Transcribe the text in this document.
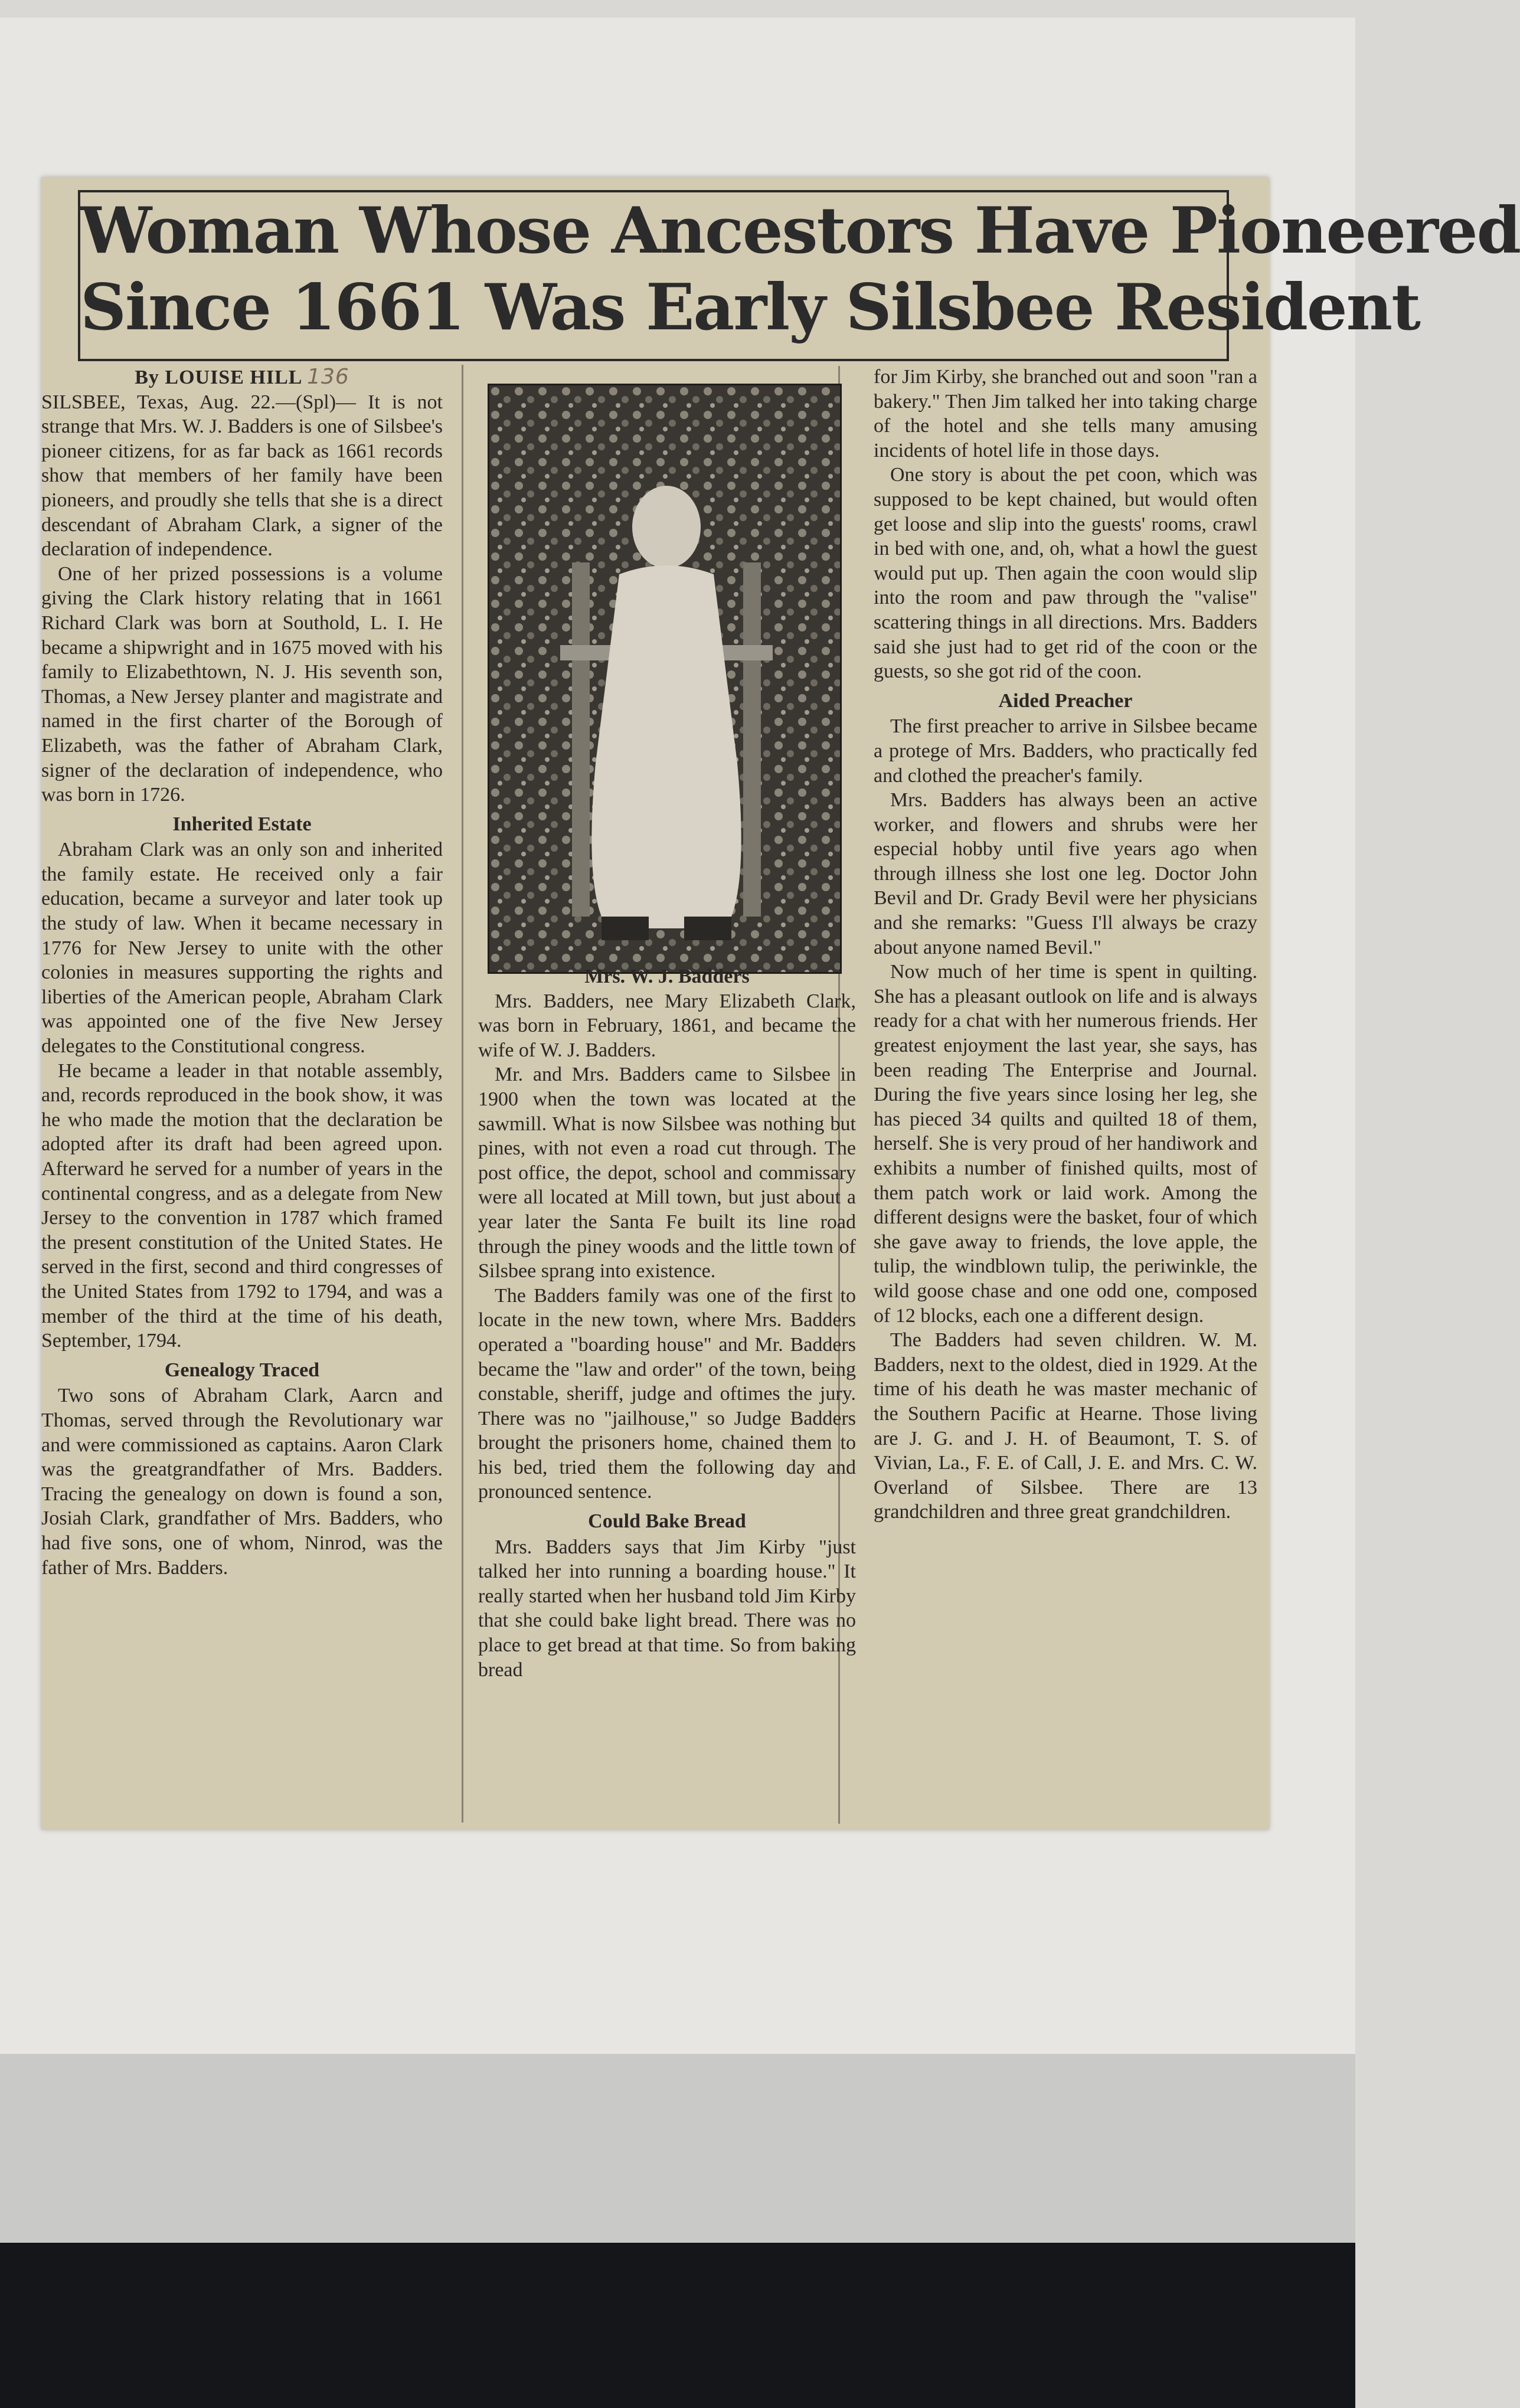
Woman Whose Ancestors Have Pioneered
Since 1661 Was Early Silsbee Resident
By LOUISE HILL 136

SILSBEE, Texas, Aug. 22.—(Spl)— It is not strange that Mrs. W. J. Badders is one of Silsbee's pioneer citizens, for as far back as 1661 records show that members of her family have been pioneers, and proudly she tells that she is a direct descendant of Abraham Clark, a signer of the declaration of independence.

One of her prized possessions is a volume giving the Clark history relating that in 1661 Richard Clark was born at Southold, L. I. He became a shipwright and in 1675 moved with his family to Elizabethtown, N. J. His seventh son, Thomas, a New Jersey planter and magistrate and named in the first charter of the Borough of Elizabeth, was the father of Abraham Clark, signer of the declaration of independence, who was born in 1726.

Inherited Estate

Abraham Clark was an only son and inherited the family estate. He received only a fair education, became a surveyor and later took up the study of law. When it became necessary in 1776 for New Jersey to unite with the other colonies in measures supporting the rights and liberties of the American people, Abraham Clark was appointed one of the five New Jersey delegates to the Constitutional congress.

He became a leader in that notable assembly, and, records reproduced in the book show, it was he who made the motion that the declaration be adopted after its draft had been agreed upon. Afterward he served for a number of years in the continental congress, and as a delegate from New Jersey to the convention in 1787 which framed the present constitution of the United States. He served in the first, second and third congresses of the United States from 1792 to 1794, and was a member of the third at the time of his death, September, 1794.

Genealogy Traced

Two sons of Abraham Clark, Aarcn and Thomas, served through the Revolutionary war and were commissioned as captains. Aaron Clark was the greatgrandfather of Mrs. Badders. Tracing the genealogy on down is found a son, Josiah Clark, grandfather of Mrs. Badders, who had five sons, one of whom, Ninrod, was the father of Mrs. Badders.

Mrs. W. J. Badders

Mrs. Badders, nee Mary Elizabeth Clark, was born in February, 1861, and became the wife of W. J. Badders.

Mr. and Mrs. Badders came to Silsbee in 1900 when the town was located at the sawmill. What is now Silsbee was nothing but pines, with not even a road cut through. The post office, the depot, school and commissary were all located at Mill town, but just about a year later the Santa Fe built its line road through the piney woods and the little town of Silsbee sprang into existence.

The Badders family was one of the first to locate in the new town, where Mrs. Badders operated a "boarding house" and Mr. Badders became the "law and order" of the town, being constable, sheriff, judge and oftimes the jury. There was no "jailhouse," so Judge Badders brought the prisoners home, chained them to his bed, tried them the following day and pronounced sentence.

Could Bake Bread

Mrs. Badders says that Jim Kirby "just talked her into running a boarding house." It really started when her husband told Jim Kirby that she could bake light bread. There was no place to get bread at that time. So from baking bread

for Jim Kirby, she branched out and soon "ran a bakery." Then Jim talked her into taking charge of the hotel and she tells many amusing incidents of hotel life in those days.

One story is about the pet coon, which was supposed to be kept chained, but would often get loose and slip into the guests' rooms, crawl in bed with one, and, oh, what a howl the guest would put up. Then again the coon would slip into the room and paw through the "valise" scattering things in all directions. Mrs. Badders said she just had to get rid of the coon or the guests, so she got rid of the coon.

Aided Preacher

The first preacher to arrive in Silsbee became a protege of Mrs. Badders, who practically fed and clothed the preacher's family.

Mrs. Badders has always been an active worker, and flowers and shrubs were her especial hobby until five years ago when through illness she lost one leg. Doctor John Bevil and Dr. Grady Bevil were her physicians and she remarks: "Guess I'll always be crazy about anyone named Bevil."

Now much of her time is spent in quilting. She has a pleasant outlook on life and is always ready for a chat with her numerous friends. Her greatest enjoyment the last year, she says, has been reading The Enterprise and Journal. During the five years since losing her leg, she has pieced 34 quilts and quilted 18 of them, herself. She is very proud of her handiwork and exhibits a number of finished quilts, most of them patch work or laid work. Among the different designs were the basket, four of which she gave away to friends, the love apple, the tulip, the windblown tulip, the periwinkle, the wild goose chase and one odd one, composed of 12 blocks, each one a different design.

The Badders had seven children. W. M. Badders, next to the oldest, died in 1929. At the time of his death he was master mechanic of the Southern Pacific at Hearne. Those living are J. G. and J. H. of Beaumont, T. S. of Vivian, La., F. E. of Call, J. E. and Mrs. C. W. Overland of Silsbee. There are 13 grandchildren and three great grandchildren.
